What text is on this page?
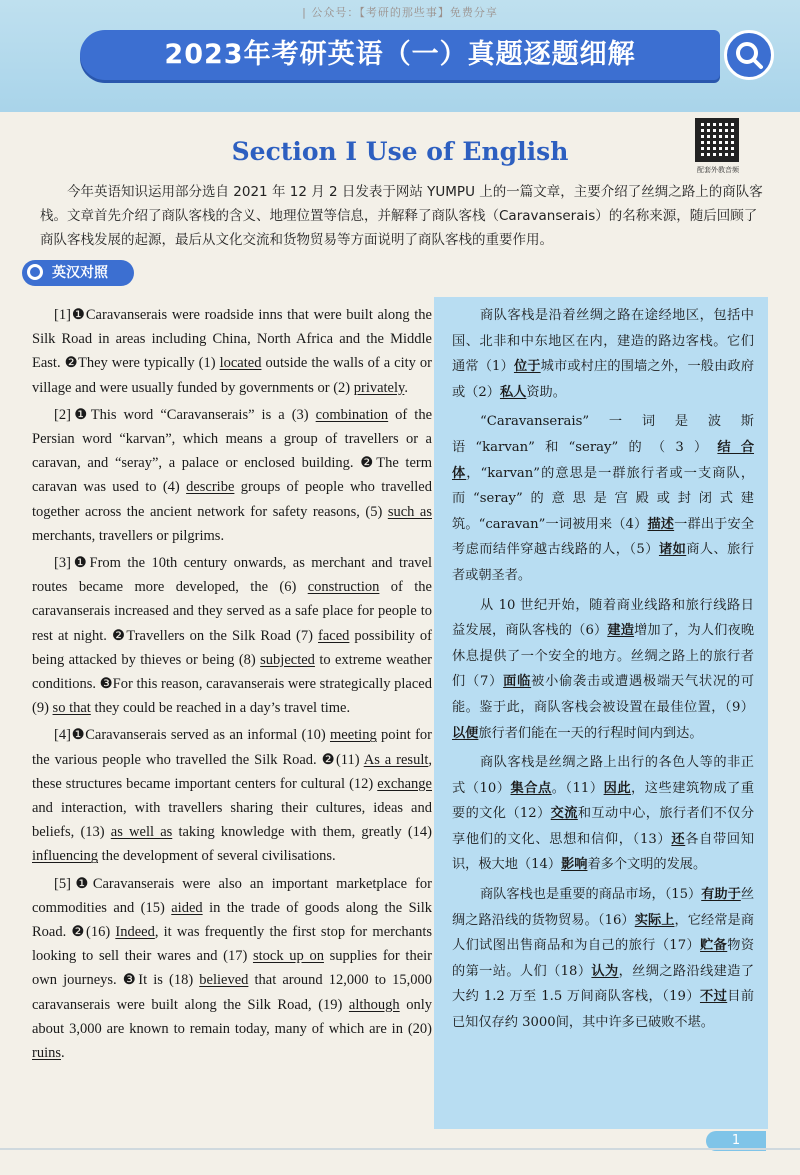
| 公众号：【考研的那些事】免费分享
2023年考研英语（一）真题逐题细解
Section Ⅰ Use of English
配套外教音频
今年英语知识运用部分选自 2021 年 12 月 2 日发表于网站 YUMPU 上的一篇文章，主要介绍了丝绸之路上的商队客栈。文章首先介绍了商队客栈的含义、地理位置等信息，并解释了商队客栈（Caravanserais）的名称来源，随后回顾了商队客栈发展的起源，最后从文化交流和货物贸易等方面说明了商队客栈的重要作用。
英汉对照

[1]❶Caravanserais were roadside inns that were built along the Silk Road in areas including China, North Africa and the Middle East. ❷They were typically (1) located outside the walls of a city or village and were usually funded by governments or (2) privately.

[2]❶This word “Caravanserais” is a (3) combination of the Persian word “karvan”, which means a group of travellers or a caravan, and “seray”, a palace or enclosed building. ❷The term caravan was used to (4) describe groups of people who travelled together across the ancient network for safety reasons, (5) such as merchants, travellers or pilgrims.

[3]❶From the 10th century onwards, as merchant and travel routes became more developed, the (6) construction of the caravanserais increased and they served as a safe place for people to rest at night. ❷Travellers on the Silk Road (7) faced possibility of being attacked by thieves or being (8) subjected to extreme weather conditions. ❸For this reason, caravanserais were strategically placed (9) so that they could be reached in a day’s travel time.

[4]❶Caravanserais served as an informal (10) meeting point for the various people who travelled the Silk Road. ❷(11) As a result, these structures became important centers for cultural (12) exchange and interaction, with travellers sharing their cultures, ideas and beliefs, (13) as well as taking knowledge with them, greatly (14) influencing the development of several civilisations.

[5]❶Caravanserais were also an important marketplace for commodities and (15) aided in the trade of goods along the Silk Road. ❷(16) Indeed, it was frequently the first stop for merchants looking to sell their wares and (17) stock up on supplies for their own journeys. ❸It is (18) believed that around 12,000 to 15,000 caravanserais were built along the Silk Road, (19) although only about 3,000 are known to remain today, many of which are in (20) ruins.

商队客栈是沿着丝绸之路在途经地区，包括中国、北非和中东地区在内，建造的路边客栈。它们通常（1）位于城市或村庄的围墙之外，一般由政府或（2）私人资助。

“Caravanserais”一词是波斯语“karvan”和“seray”的（3）结合体，“karvan”的意思是一群旅行者或一支商队，而“seray”的意思是宫殿或封闭式建筑。“caravan”一词被用来（4）描述一群出于安全考虑而结伴穿越古线路的人，（5）诸如商人、旅行者或朝圣者。

从 10 世纪开始，随着商业线路和旅行线路日益发展，商队客栈的（6）建造增加了，为人们夜晚休息提供了一个安全的地方。丝绸之路上的旅行者们（7）面临被小偷袭击或遭遇极端天气状况的可能。鉴于此，商队客栈会被设置在最佳位置，（9）以便旅行者们能在一天的行程时间内到达。

商队客栈是丝绸之路上出行的各色人等的非正式（10）集合点。（11）因此，这些建筑物成了重要的文化（12）交流和互动中心，旅行者们不仅分享他们的文化、思想和信仰，（13）还各自带回知识，极大地（14）影响着多个文明的发展。

商队客栈也是重要的商品市场，（15）有助于丝绸之路沿线的货物贸易。（16）实际上，它经常是商人们试图出售商品和为自己的旅行（17）贮备物资的第一站。人们（18）认为，丝绸之路沿线建造了大约 1.2 万至 1.5 万间商队客栈，（19）不过目前已知仅存约 3000间，其中许多已破败不堪。

1
